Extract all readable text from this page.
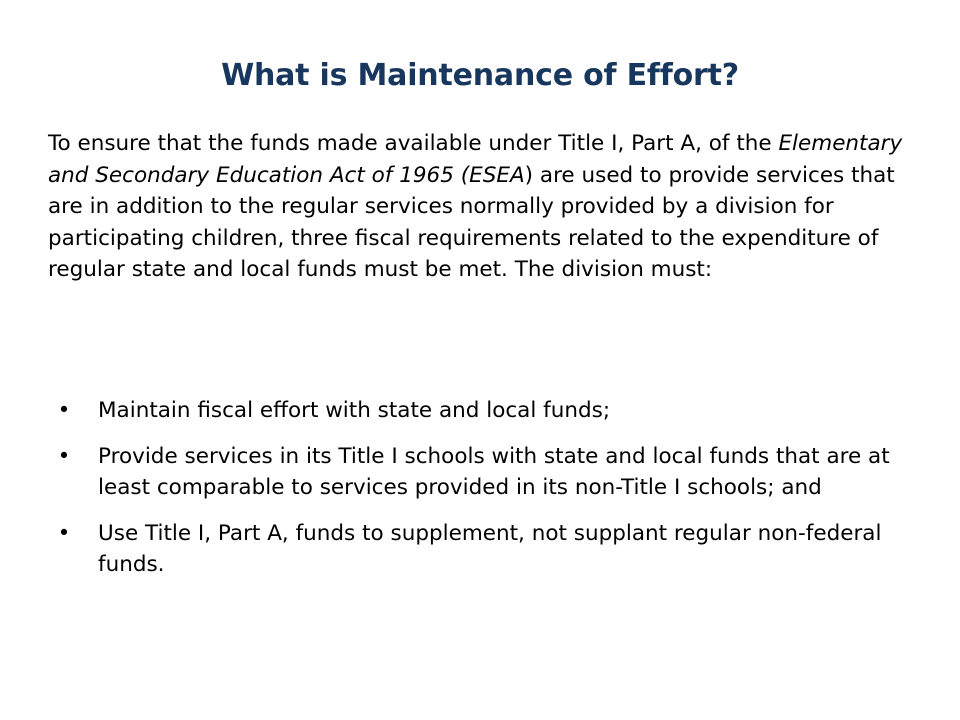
What is Maintenance of Effort?
To ensure that the funds made available under Title I, Part A, of the Elementary and Secondary Education Act of 1965 (ESEA) are used to provide services that are in addition to the regular services normally provided by a division for participating children, three fiscal requirements related to the expenditure of regular state and local funds must be met. The division must:
• Maintain fiscal effort with state and local funds;
• Provide services in its Title I schools with state and local funds that are at least comparable to services provided in its non-Title I schools; and
• Use Title I, Part A, funds to supplement, not supplant regular non-federal funds.
